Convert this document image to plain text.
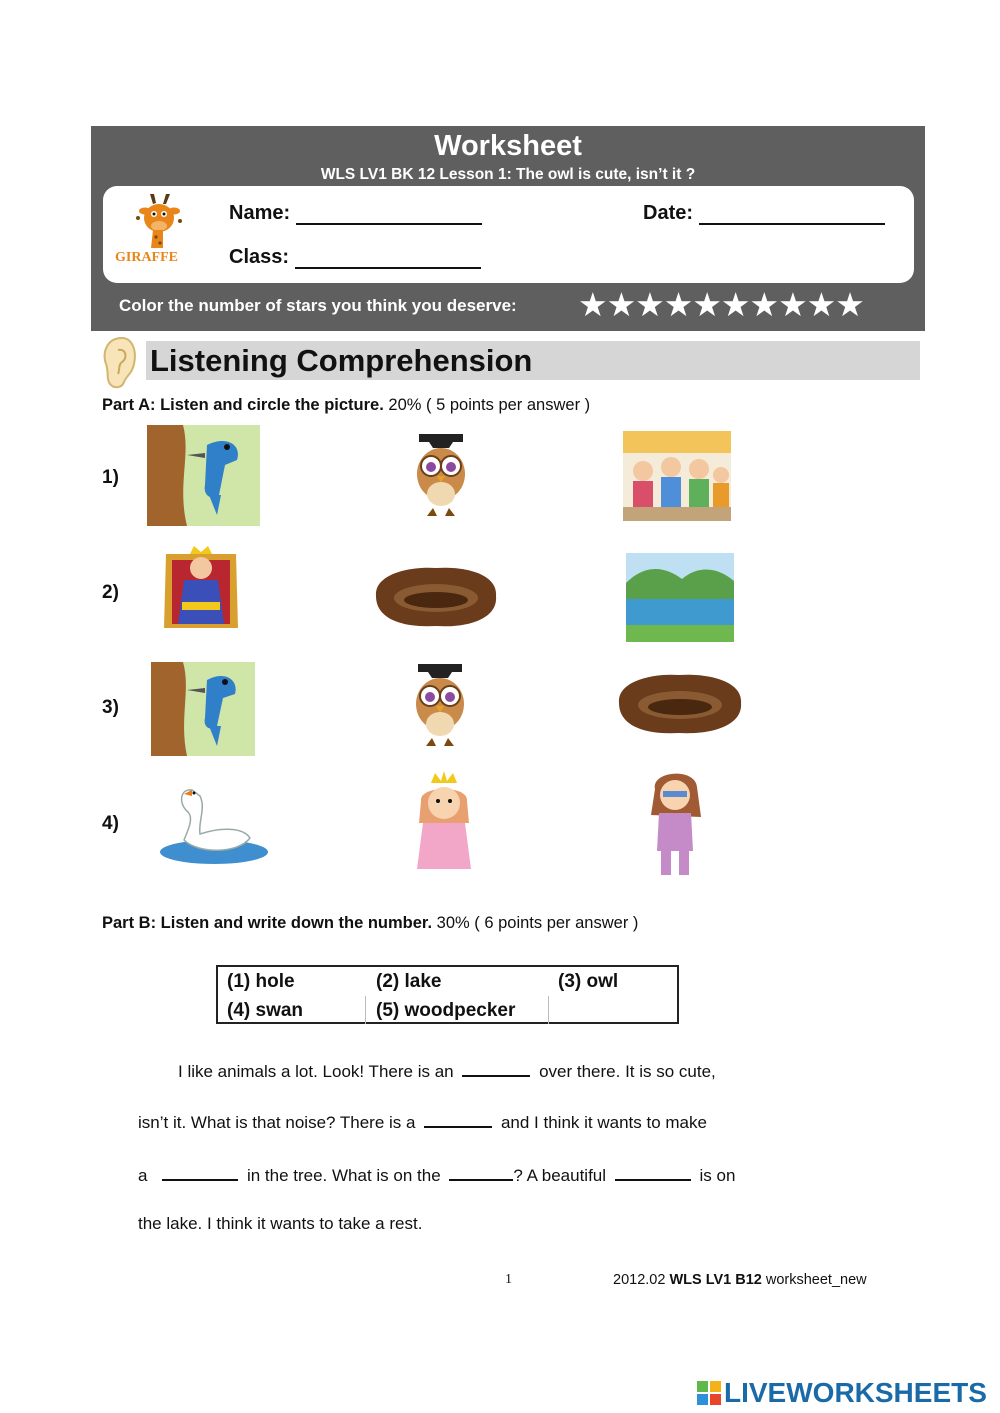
Worksheet
WLS LV1 BK 12 Lesson 1: The owl is cute, isn’t it ?
GIRAFFE
Name:	Date:
Class:
Color the number of stars you think you deserve: ★★★★★★★★★★
Listening Comprehension
Part A: Listen and circle the picture. 20% ( 5 points per answer )
1)
2)
3)
4)
Part B: Listen and write down the number. 30% ( 6 points per answer )
(1) hole	(2) lake	(3) owl
(4) swan	(5) woodpecker
I like animals a lot. Look! There is an	over there. It is so cute,
isn’t it. What is that noise? There is a	and I think it wants to make
a	in the tree. What is on the	? A beautiful	is on
the lake. I think it wants to take a rest.
1	2012.02 WLS LV1 B12 worksheet_new
LIVEWORKSHEETS
